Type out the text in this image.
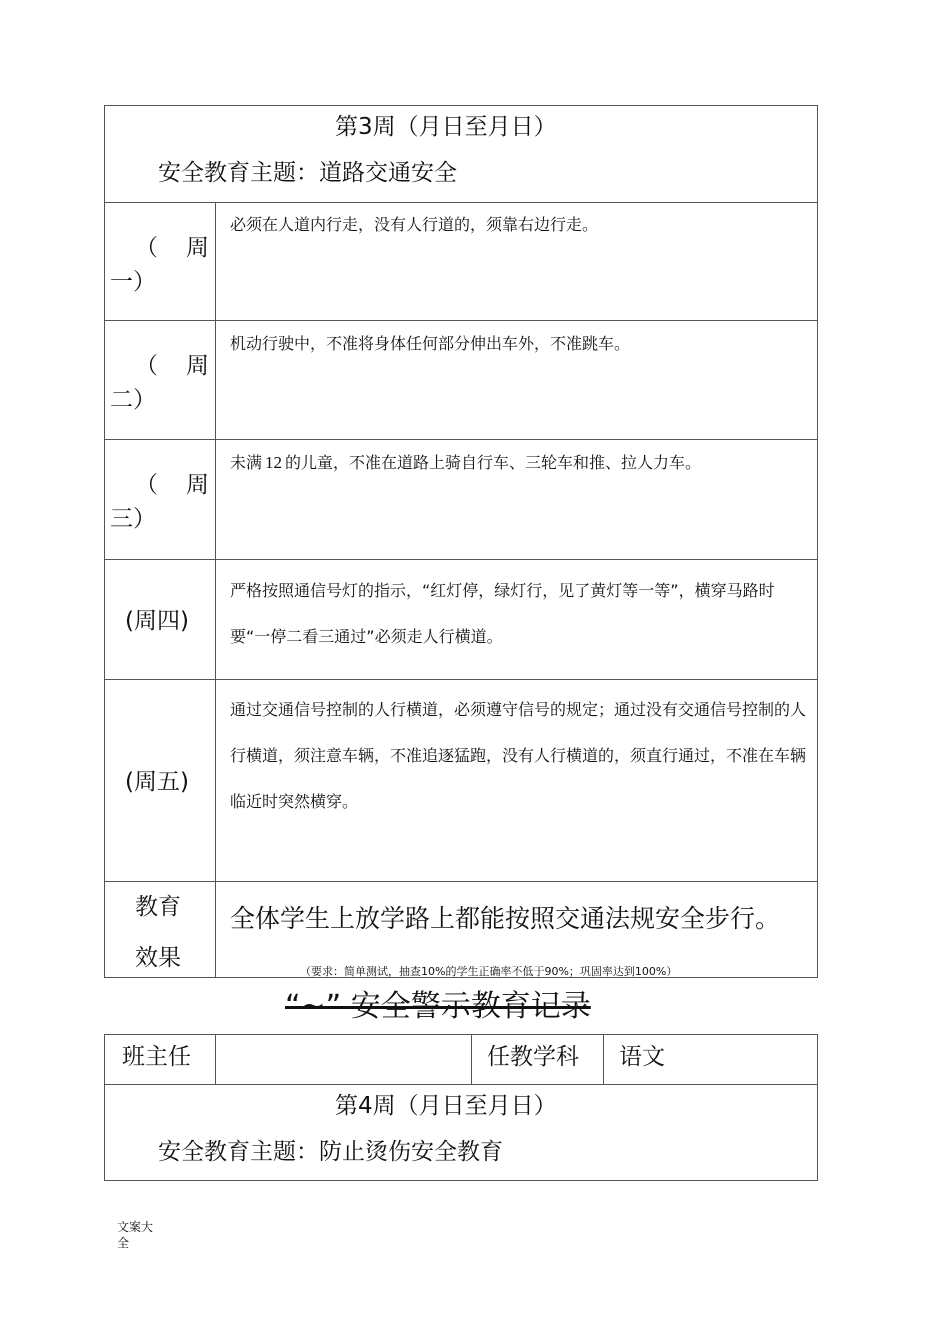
第3周（月日至月日）
安全教育主题：道路交通安全
（ 周
一）
必须在人道内行走，没有人行道的，须靠右边行走。
（ 周
二）
机动行驶中，不准将身体任何部分伸出车外，不准跳车。
（ 周
三）
未满 12 的儿童，不准在道路上骑自行车、三轮车和推、拉人力车。
(周四)
严格按照通信号灯的指示，“红灯停，绿灯行，见了黄灯等一等”，横穿马路时要“一停二看三通过”必须走人行横道。
(周五)
通过交通信号控制的人行横道，必须遵守信号的规定；通过没有交通信号控制的人行横道，须注意车辆，不准追逐猛跑，没有人行横道的，须直行通过，不准在车辆临近时突然横穿。
教育
效果
全体学生上放学路上都能按照交通法规安全步行。
（要求：简单测试，抽查10%的学生正确率不低于90%；巩固率达到100%）
“~” 安全警示教育记录
班主任	任教学科 语文
第4周（月日至月日）
安全教育主题：防止烫伤安全教育
文案大
全
